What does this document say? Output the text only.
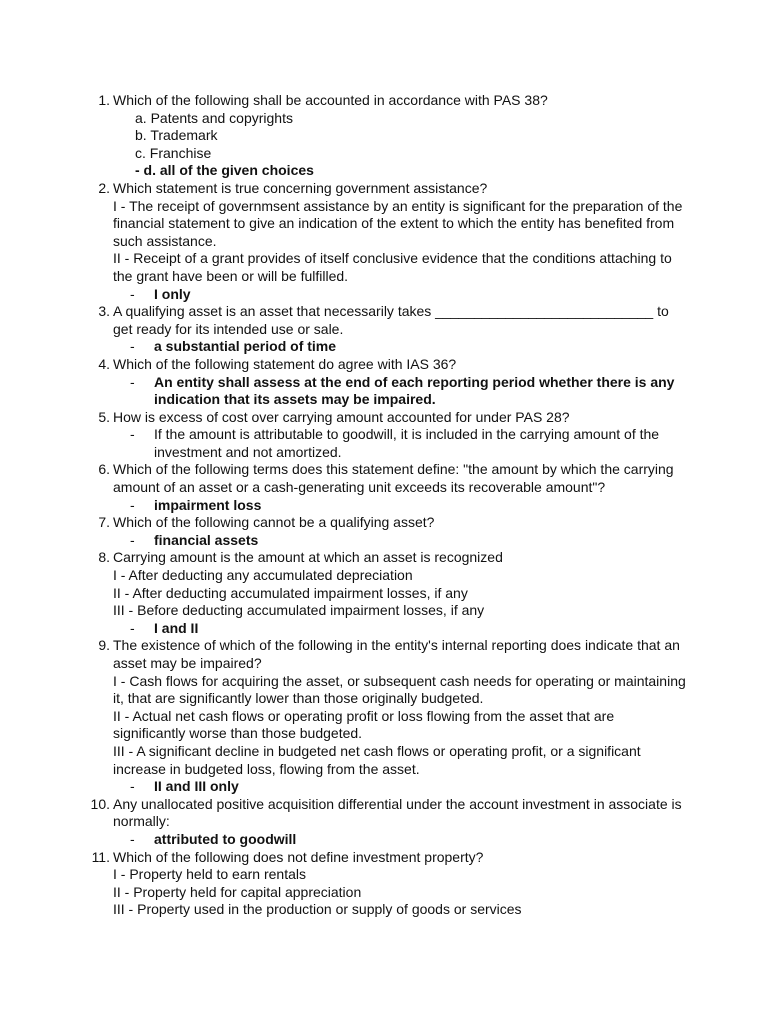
1. Which of the following shall be accounted in accordance with PAS 38?
a. Patents and copyrights
b. Trademark
c. Franchise
- d. all of the given choices
2. Which statement is true concerning government assistance?
I - The receipt of governmsent assistance by an entity is significant for the preparation of the financial statement to give an indication of the extent to which the entity has benefited from such assistance.
II - Receipt of a grant provides of itself conclusive evidence that the conditions attaching to the grant have been or will be fulfilled.
- I only
3. A qualifying asset is an asset that necessarily takes ____________________________ to get ready for its intended use or sale.
- a substantial period of time
4. Which of the following statement do agree with IAS 36?
- An entity shall assess at the end of each reporting period whether there is any indication that its assets may be impaired.
5. How is excess of cost over carrying amount accounted for under PAS 28?
- If the amount is attributable to goodwill, it is included in the carrying amount of the investment and not amortized.
6. Which of the following terms does this statement define: "the amount by which the carrying amount of an asset or a cash-generating unit exceeds its recoverable amount"?
- impairment loss
7. Which of the following cannot be a qualifying asset?
- financial assets
8. Carrying amount is the amount at which an asset is recognized
I - After deducting any accumulated depreciation
II - After deducting accumulated impairment losses, if any
III - Before deducting accumulated impairment losses, if any
- I and II
9. The existence of which of the following in the entity's internal reporting does indicate that an asset may be impaired?
I - Cash flows for acquiring the asset, or subsequent cash needs for operating or maintaining it, that are significantly lower than those originally budgeted.
II - Actual net cash flows or operating profit or loss flowing from the asset that are significantly worse than those budgeted.
III - A significant decline in budgeted net cash flows or operating profit, or a significant increase in budgeted loss, flowing from the asset.
- II and III only
10. Any unallocated positive acquisition differential under the account investment in associate is normally:
- attributed to goodwill
11. Which of the following does not define investment property?
I - Property held to earn rentals
II - Property held for capital appreciation
III - Property used in the production or supply of goods or services
